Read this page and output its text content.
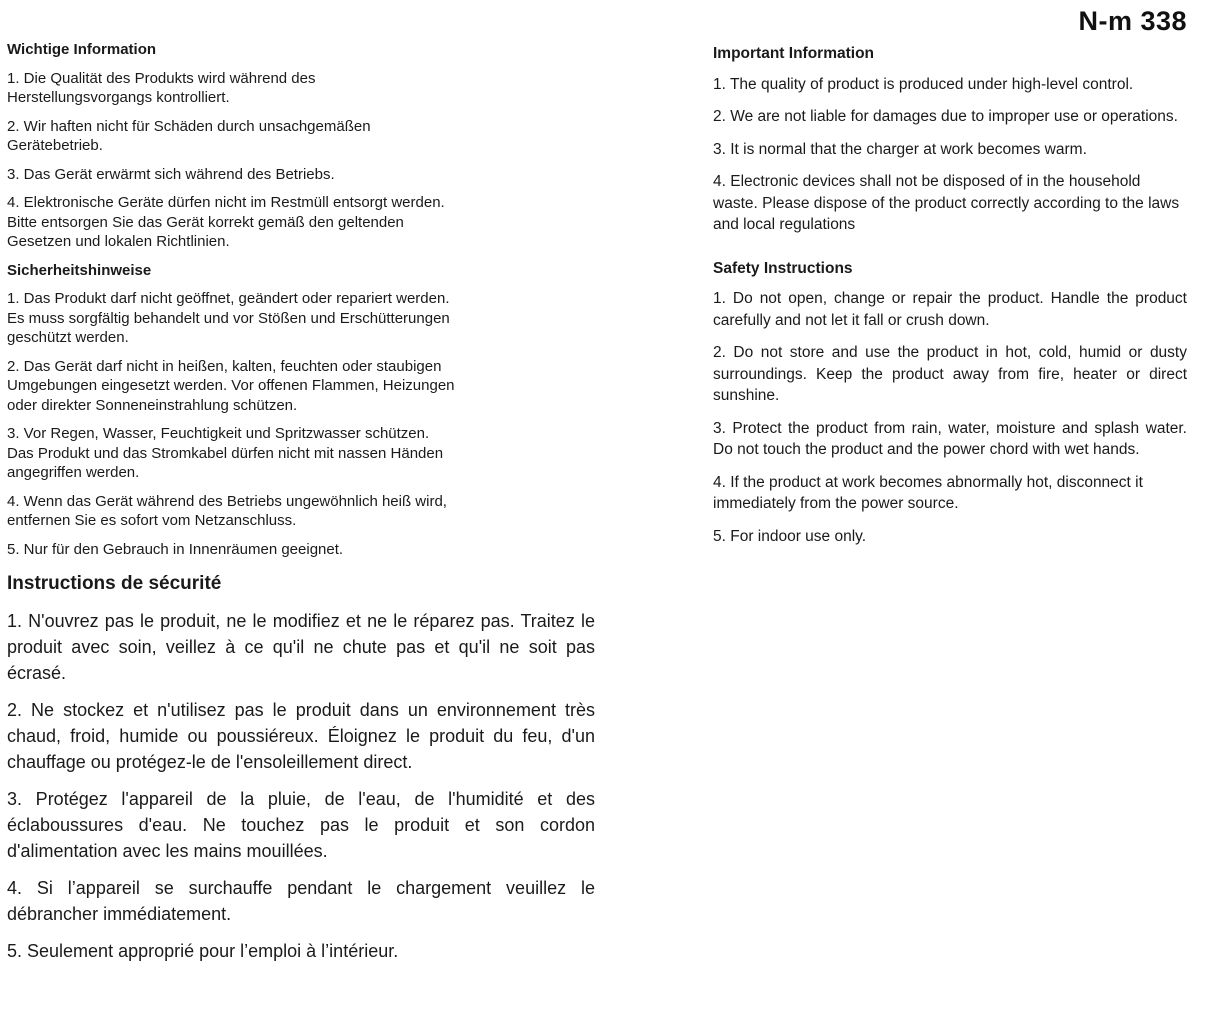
Wichtige Information

1. Die Qualität des Produkts wird während des Herstellungsvorgangs kontrolliert.

2. Wir haften nicht für Schäden durch unsachgemäßen Gerätebetrieb.

3. Das Gerät erwärmt sich während des Betriebs.

4. Elektronische Geräte dürfen nicht im Restmüll entsorgt werden.  Bitte entsorgen Sie das Gerät korrekt gemäß den geltenden Gesetzen und lokalen Richtlinien.

Sicherheitshinweise

1. Das Produkt darf nicht geöffnet, geändert oder repariert werden. Es muss sorgfältig behandelt und vor Stößen und Erschütterungen geschützt werden.

2. Das Gerät darf nicht in heißen, kalten, feuchten oder staubigen Umgebungen eingesetzt werden. Vor offenen Flammen, Heizungen oder direkter Sonneneinstrahlung schützen.

3. Vor Regen, Wasser, Feuchtigkeit und Spritzwasser schützen. Das Produkt und das Stromkabel dürfen nicht mit nassen Händen angegriffen werden.

4. Wenn das Gerät während des Betriebs ungewöhnlich heiß wird, entfernen Sie es sofort vom Netzanschluss.

5. Nur für den Gebrauch in Innenräumen geeignet.

Instructions de sécurité

1. N'ouvrez pas le produit, ne le modifiez et ne le réparez pas. Traitez le produit avec soin, veillez à ce qu'il ne chute pas et qu'il ne soit pas écrasé.

2. Ne stockez et n'utilisez pas le produit dans un environnement très chaud, froid, humide ou poussiéreux. Éloignez le produit du feu, d'un chauffage ou protégez-le de l'ensoleillement direct.

3. Protégez l'appareil de la pluie, de l'eau, de l'humidité et des éclaboussures d'eau. Ne touchez pas le produit et son cordon d'alimentation avec les mains mouillées.

4. Si l’appareil se surchauffe pendant le chargement veuillez le débrancher immédiatement.

5. Seulement approprié pour l’emploi à l’intérieur.

N-m 338
Important Information

1. The quality of product is produced under high-level control.

2. We are not liable for damages due to improper use or operations.

3. It is normal that the charger at work becomes warm.

4. Electronic devices shall not be disposed of in the household waste. Please dispose of the product correctly according to the laws and local regulations

Safety Instructions

1. Do not open, change or repair the product. Handle the product carefully and not let it fall or crush down.

2. Do not store and use the product in hot, cold, humid or dusty surroundings. Keep the product away from fire, heater or direct sunshine.

3. Protect the product from rain, water, moisture and splash water. Do not touch the product and the power chord with wet hands.

4. If the product at work becomes abnormally hot, disconnect it immediately from the power source.

5. For indoor use only.
